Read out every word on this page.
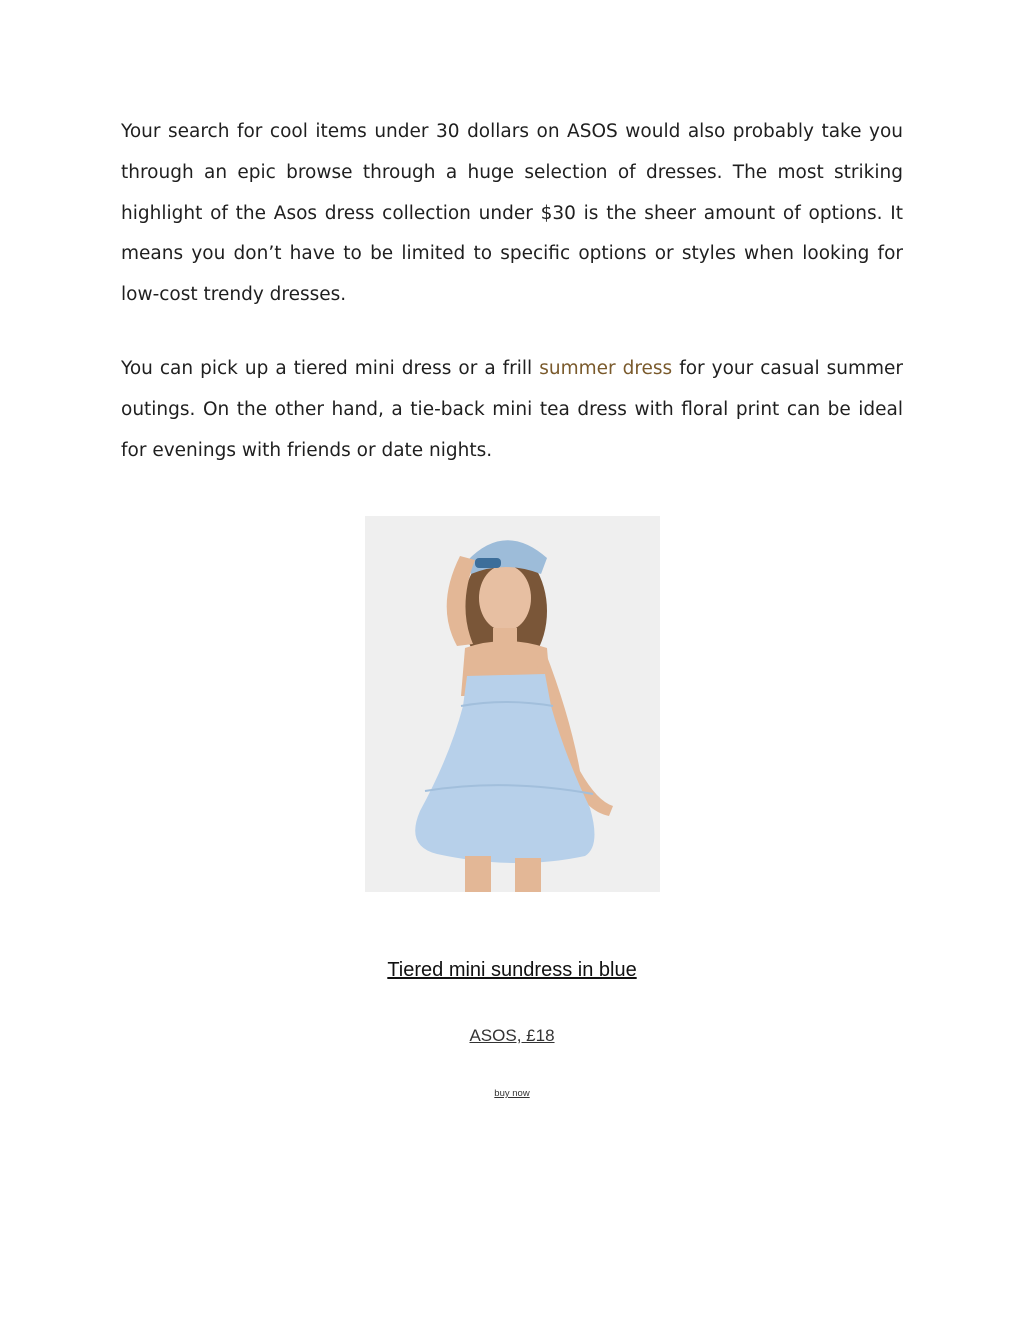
Your search for cool items under 30 dollars on ASOS would also probably take you through an epic browse through a huge selection of dresses. The most striking highlight of the Asos dress collection under $30 is the sheer amount of options. It means you don’t have to be limited to specific options or styles when looking for low-cost trendy dresses.

You can pick up a tiered mini dress or a frill summer dress for your casual summer outings. On the other hand, a tie-back mini tea dress with floral print can be ideal for evenings with friends or date nights.

Tiered mini sundress in blue
ASOS, £18
buy now
